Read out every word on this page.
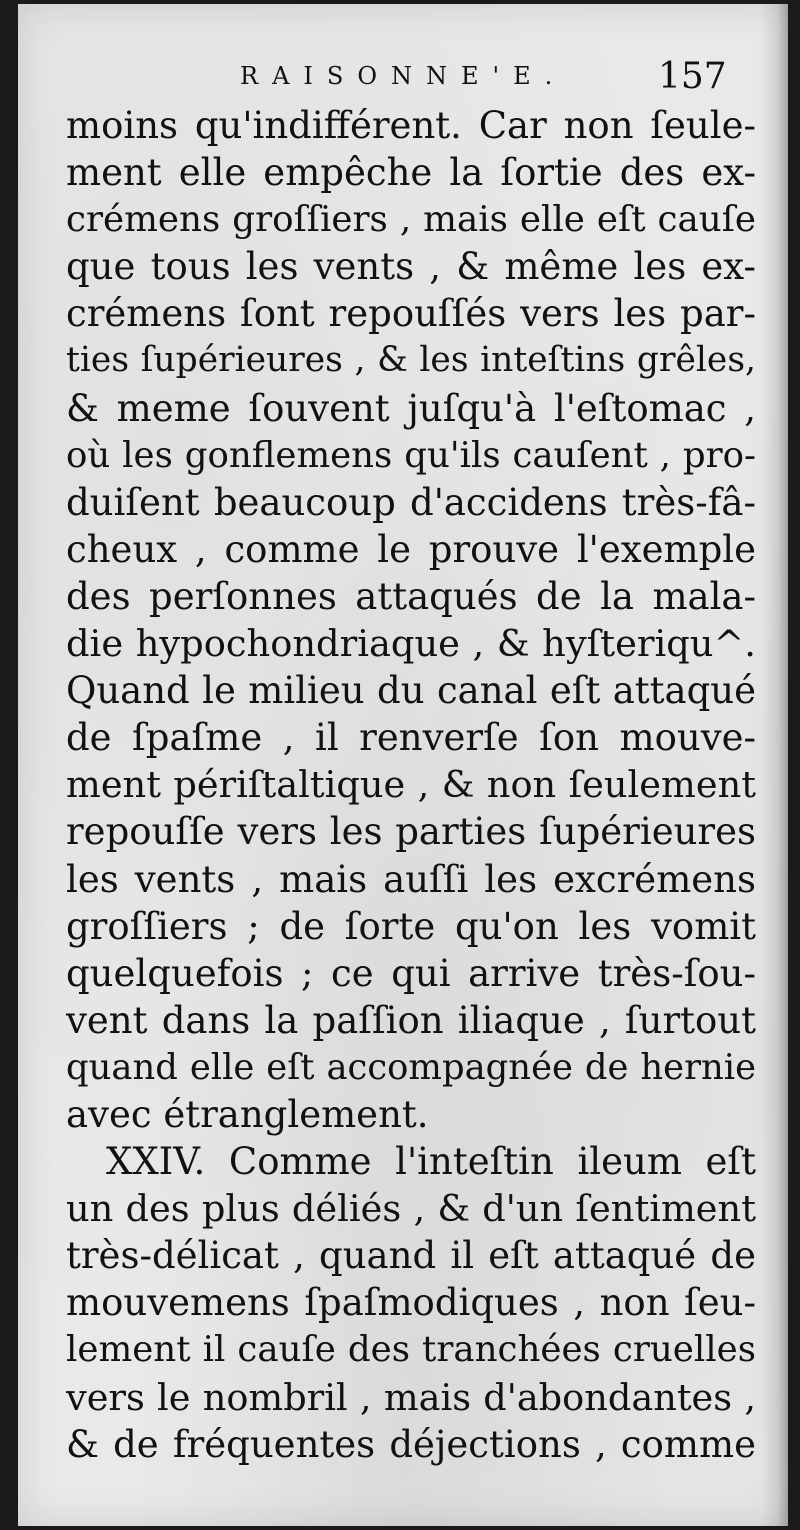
RAISONNE'E.	157
moins qu'indifférent. Car non ſeule-
ment elle empêche la ſortie des ex-
crémens groſſiers , mais elle eſt cauſe
que tous les vents , & même les ex-
crémens ſont repouſſés vers les par-
ties ſupérieures , & les inteſtins grêles,
& meme ſouvent juſqu'à l'eſtomac ,
où les gonflemens qu'ils cauſent , pro-
duiſent beaucoup d'accidens très-fâ-
cheux , comme le prouve l'exemple
des perſonnes attaqués de la mala-
die hypochondriaque , & hyſteriqu^.
Quand le milieu du canal eſt attaqué
de ſpaſme , il renverſe ſon mouve-
ment périſtaltique , & non ſeulement
repouſſe vers les parties ſupérieures
les vents , mais auſſi les excrémens
groſſiers ; de ſorte qu'on les vomit
quelquefois ; ce qui arrive très-ſou-
vent dans la paſſion iliaque , ſurtout
quand elle eſt accompagnée de hernie
avec étranglement.
XXIV. Comme l'inteſtin ileum eſt
un des plus déliés , & d'un ſentiment
très-délicat , quand il eſt attaqué de
mouvemens ſpaſmodiques , non ſeu-
lement il cauſe des tranchées cruelles
vers le nombril , mais d'abondantes ,
& de fréquentes déjections , comme
